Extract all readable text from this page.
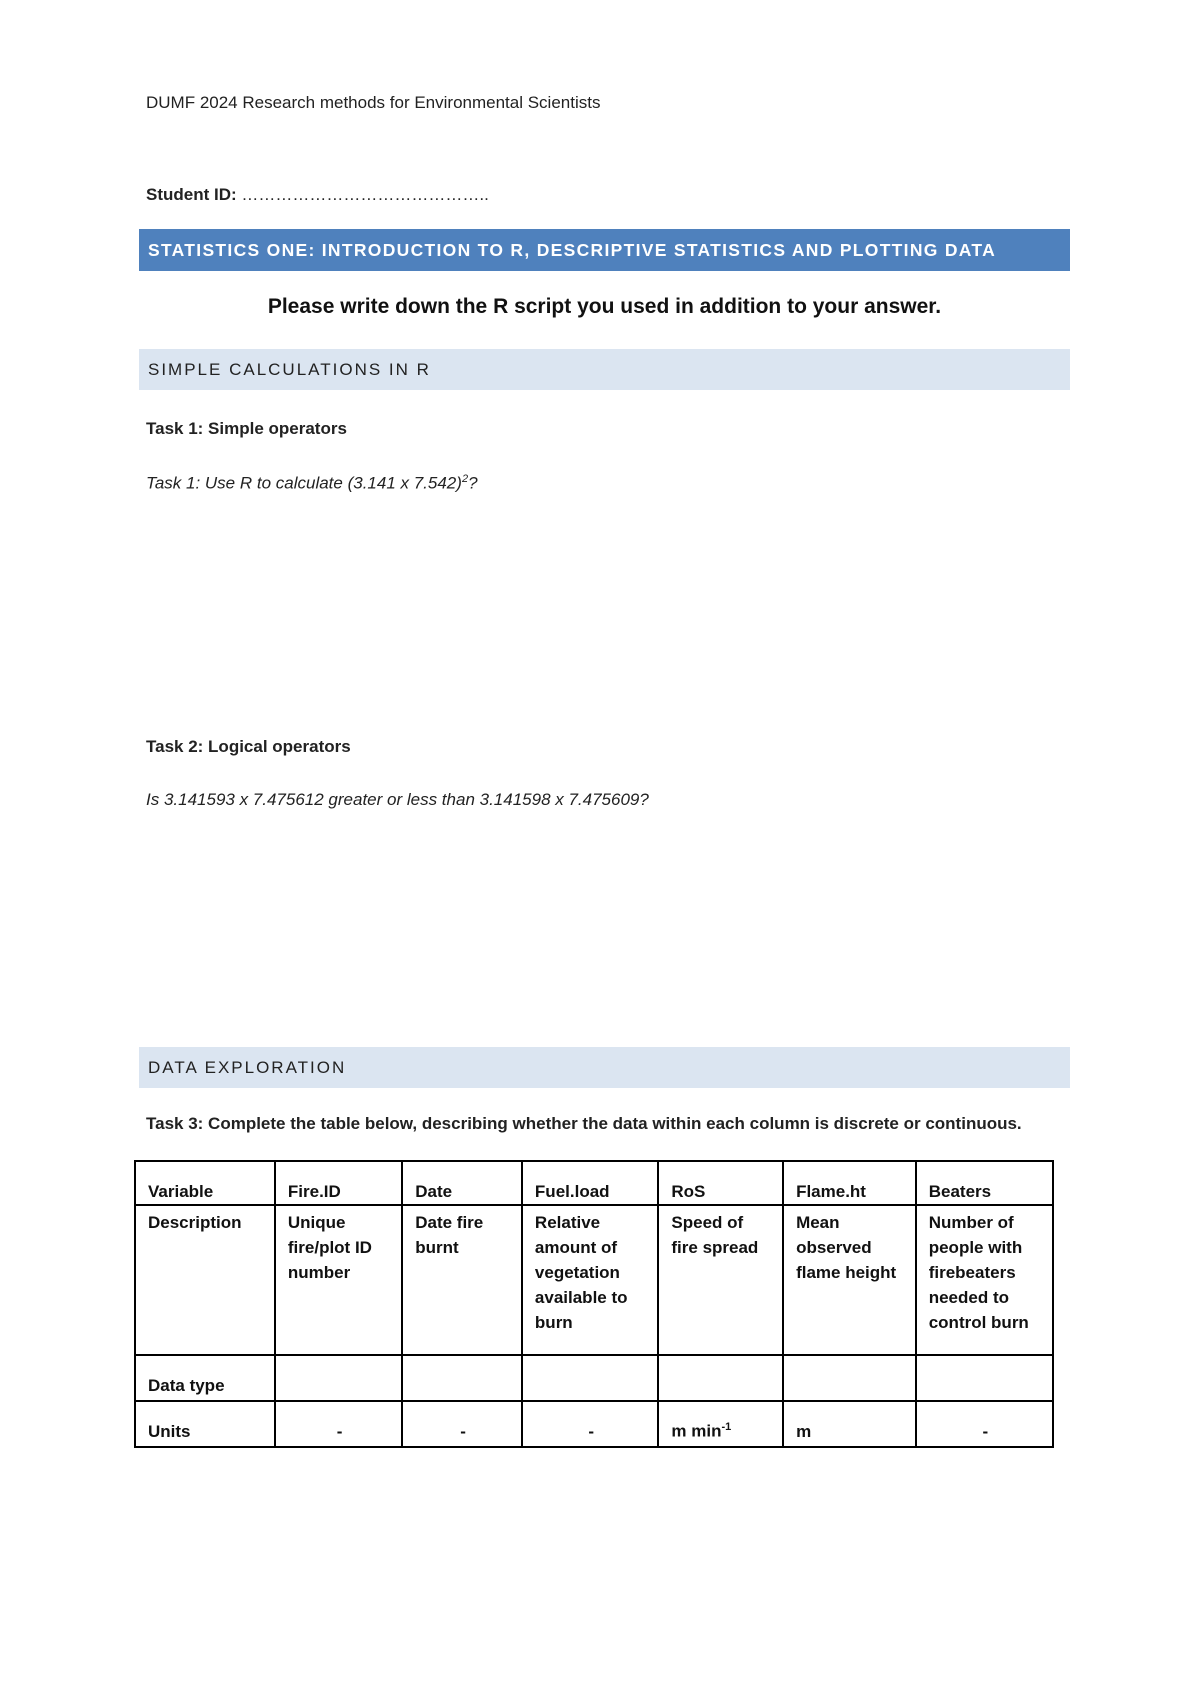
DUMF 2024 Research methods for Environmental Scientists
Student ID: ……………………………………..
STATISTICS ONE: INTRODUCTION TO R, DESCRIPTIVE STATISTICS AND PLOTTING DATA
Please write down the R script you used in addition to your answer.
SIMPLE CALCULATIONS IN R
Task 1: Simple operators
Task 1: Use R to calculate (3.141 x 7.542)$^2$?
Task 2: Logical operators
Is 3.141593 x 7.475612 greater or less than 3.141598 x 7.475609?
DATA EXPLORATION
Task 3: Complete the table below, describing whether the data within each column is discrete or continuous.
Variable	Fire.ID	Date	Fuel.load	RoS	Flame.ht	Beaters
Description	Unique fire/plot ID number	Date fire burnt	Relative amount of vegetation available to burn	Speed of fire spread	Mean observed flame height	Number of people with firebeaters needed to control burn
Data type						
Units	-	-	-	m $\min^{-1}$	m	-
